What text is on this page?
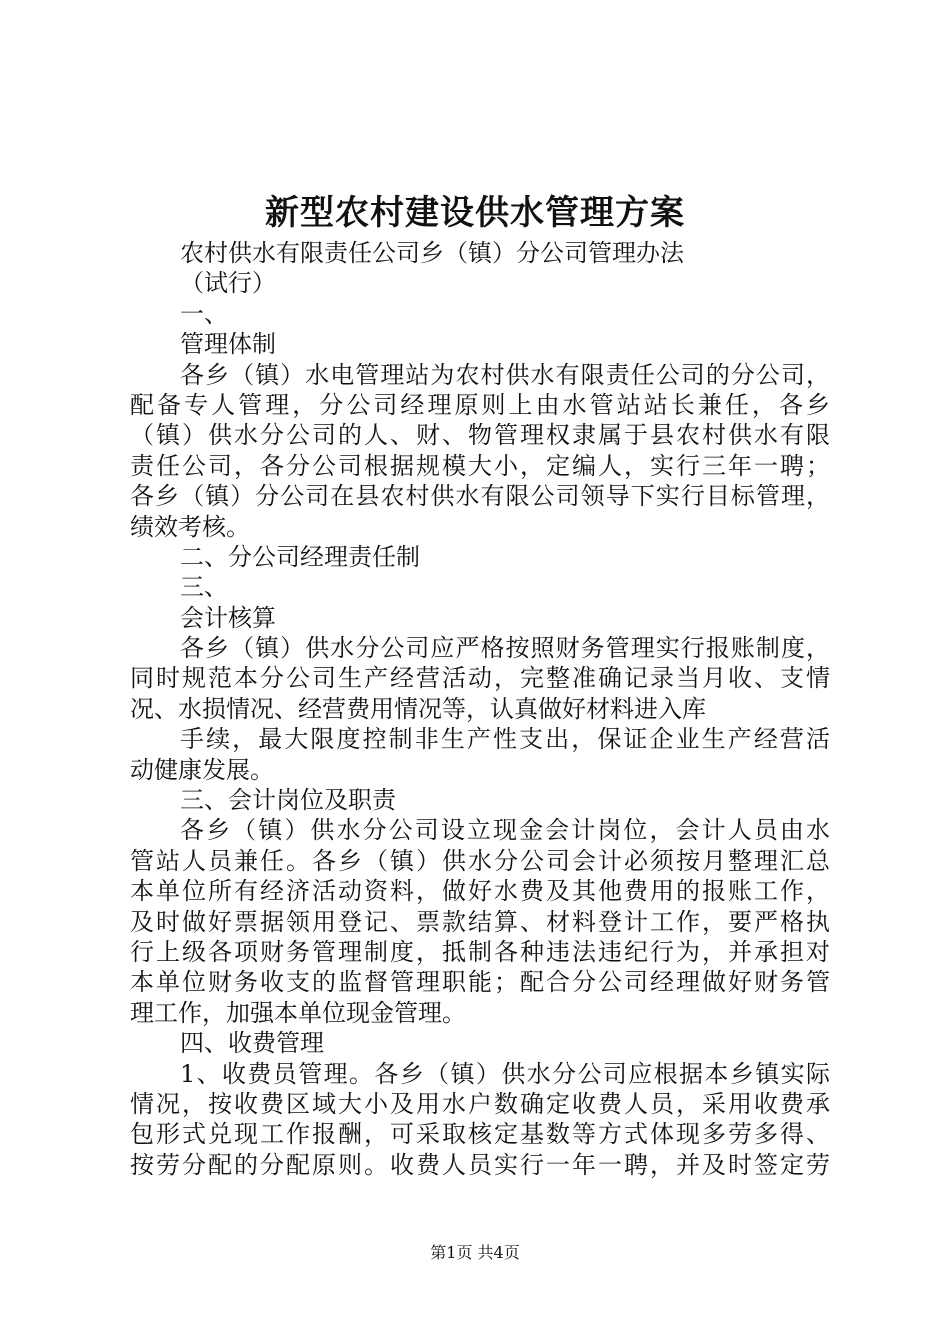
新型农村建设供水管理方案
农村供水有限责任公司乡（镇）分公司管理办法
（试行）
一、
管理体制
各乡（镇）水电管理站为农村供水有限责任公司的分公司，
配备专人管理，分公司经理原则上由水管站站长兼任，各乡
（镇）供水分公司的人、财、物管理权隶属于县农村供水有限
责任公司，各分公司根据规模大小，定编人，实行三年一聘；
各乡（镇）分公司在县农村供水有限公司领导下实行目标管理，
绩效考核。
二、分公司经理责任制
三、
会计核算
各乡（镇）供水分公司应严格按照财务管理实行报账制度，
同时规范本分公司生产经营活动，完整准确记录当月收、支情
况、水损情况、经营费用情况等，认真做好材料进入库
手续，最大限度控制非生产性支出，保证企业生产经营活
动健康发展。
三、会计岗位及职责
各乡（镇）供水分公司设立现金会计岗位，会计人员由水
管站人员兼任。各乡（镇）供水分公司会计必须按月整理汇总
本单位所有经济活动资料，做好水费及其他费用的报账工作，
及时做好票据领用登记、票款结算、材料登计工作，要严格执
行上级各项财务管理制度，抵制各种违法违纪行为，并承担对
本单位财务收支的监督管理职能；配合分公司经理做好财务管
理工作，加强本单位现金管理。
四、收费管理
1、收费员管理。各乡（镇）供水分公司应根据本乡镇实际
情况，按收费区域大小及用水户数确定收费人员，采用收费承
包形式兑现工作报酬，可采取核定基数等方式体现多劳多得、
按劳分配的分配原则。收费人员实行一年一聘，并及时签定劳
第1页 共4页
